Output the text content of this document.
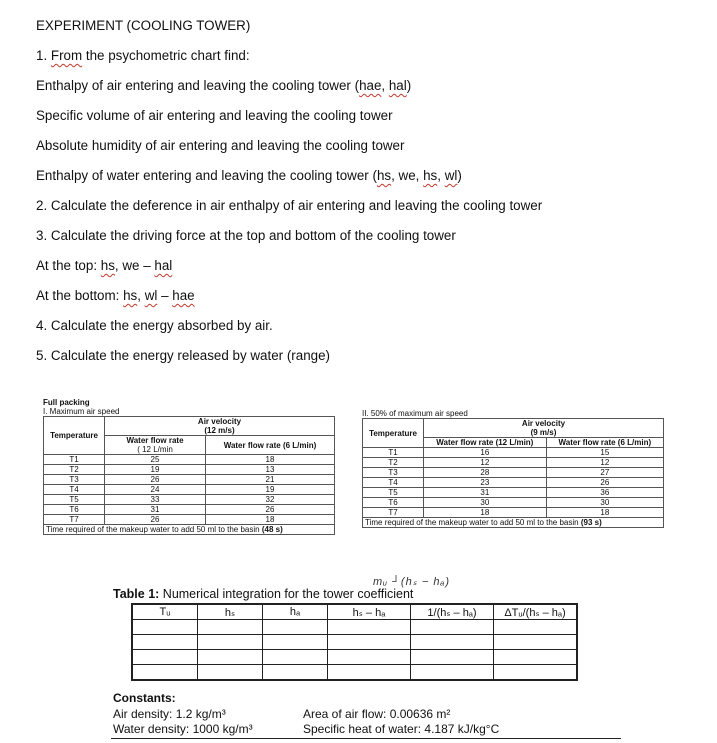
EXPERIMENT (COOLING TOWER)
1. From the psychometric chart find:
Enthalpy of air entering and leaving the cooling tower (hae, hal)
Specific volume of air entering and leaving the cooling tower
Absolute humidity of air entering and leaving the cooling tower
Enthalpy of water entering and leaving the cooling tower (hs, we, hs, wl)
2. Calculate the deference in air enthalpy of air entering and leaving the cooling tower
3. Calculate the driving force at the top and bottom of the cooling tower
At the top: hs, we – hal
At the bottom: hs, wl – hae
4. Calculate the energy absorbed by air.
5. Calculate the energy released by water (range)
Full packing
I. Maximum air speed
Temperature	Air velocity
(12 m/s)	

	Water flow rate
( 12 L/min	Water flow rate (6 L/min)
T1	25	18
T2	19	13
T3	26	21
T4	24	19
T5	33	32
T6	31	26
T7	26	18
Time required of the makeup water to add 50 ml to the basin (48 s)		
II. 50% of maximum air speed
Temperature	Air velocity
(9 m/s)	

	Water flow rate (12 L/min)	Water flow rate (6 L/min)
T1	16	15
T2	12	12
T3	28	27
T4	23	26
T5	31	36
T6	30	30
T7	18	18
Time required of the makeup water to add 50 ml to the basin (93 s)		
mᵤ ┘(hₛ − hₐ)
Table 1: Numerical integration for the tower coefficient
Tᵤ	hₛ	hₐ	hₛ – hₐ	1/(hₛ – hₐ)	ΔTᵤ/(hₛ – hₐ)

Constants:
Air density: 1.2 kg/m³
Water density: 1000 kg/m³
Area of air flow: 0.00636 m²
Specific heat of water: 4.187 kJ/kg°C
